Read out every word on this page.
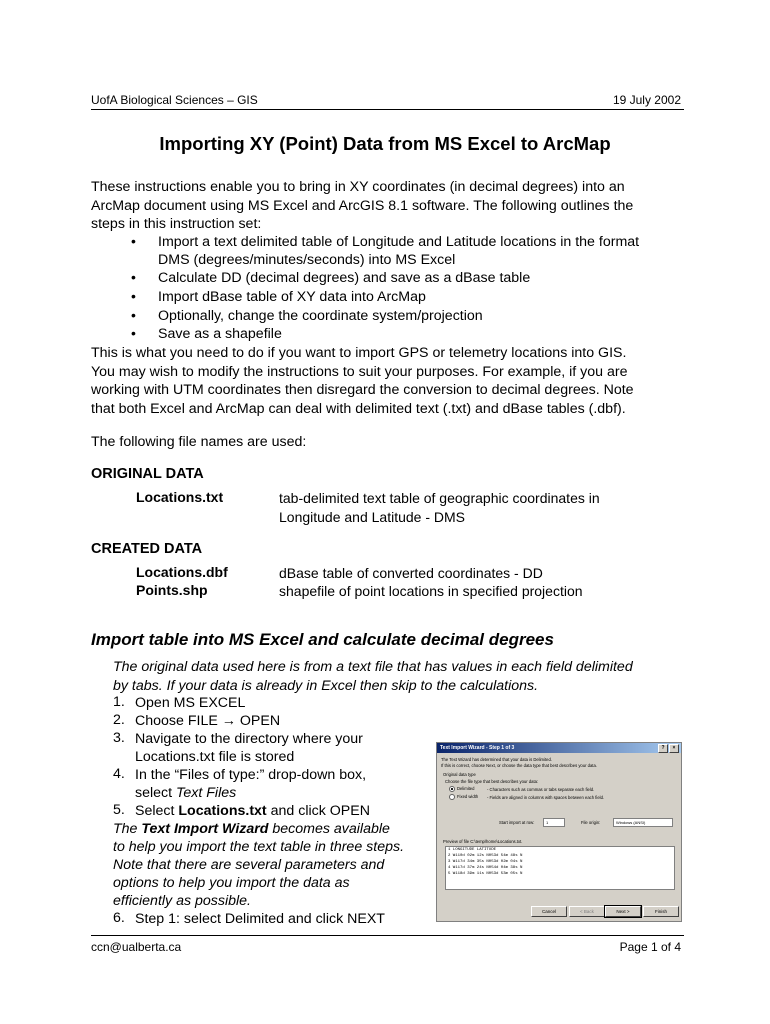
UofA Biological Sciences – GIS	19 July 2002
Importing XY (Point) Data from MS Excel to ArcMap
These instructions enable you to bring in XY coordinates (in decimal degrees) into an
ArcMap document using MS Excel and ArcGIS 8.1 software. The following outlines the
steps in this instruction set:
• Import a text delimited table of Longitude and Latitude locations in the format
DMS (degrees/minutes/seconds) into MS Excel
• Calculate DD (decimal degrees) and save as a dBase table
• Import dBase table of XY data into ArcMap
• Optionally, change the coordinate system/projection
• Save as a shapefile
This is what you need to do if you want to import GPS or telemetry locations into GIS.
You may wish to modify the instructions to suit your purposes. For example, if you are
working with UTM coordinates then disregard the conversion to decimal degrees. Note
that both Excel and ArcMap can deal with delimited text (.txt) and dBase tables (.dbf).
The following file names are used:
ORIGINAL DATA
Locations.txt	tab-delimited text table of geographic coordinates in
Longitude and Latitude - DMS
CREATED DATA
Locations.dbf	dBase table of converted coordinates - DD
Points.shp	shapefile of point locations in specified projection
Import table into MS Excel and calculate decimal degrees
The original data used here is from a text file that has values in each field delimited
by tabs. If your data is already in Excel then skip to the calculations.
1. Open MS EXCEL
2. Choose FILE → OPEN
3. Navigate to the directory where your
Locations.txt file is stored
4. In the “Files of type:” drop-down box,
select Text Files
5. Select Locations.txt and click OPEN
The Text Import Wizard becomes available
to help you import the text table in three steps.
Note that there are several parameters and
options to help you import the data as
efficiently as possible.
6. Step 1: select Delimited and click NEXT
Text Import Wizard - Step 1 of 3	?	×
The Text Wizard has determined that your data is Delimited.
If this is correct, choose Next, or choose the data type that best describes your data.
Original data type
Choose the file type that best describes your data:
Delimited	- Characters such as commas or tabs separate each field.
Fixed width - Fields are aligned in columns with spaces between each field.
Start import at row:	1	File origin:	Windows (ANSI)
Preview of file C:\temp\home\Locations.txt.
1 LONGITUDE LATITUDE
2 W110d 02m 12s N053d 54m 48s N
3 W117d 34m 35s N053d 02m 04s N
4 W117d 37m 24s N054d 04m 38s N
5 W118d 39m 11s N053d 53m 05s N
Cancel	< Back	Next >	Finish
ccn@ualberta.ca	Page 1 of 4
